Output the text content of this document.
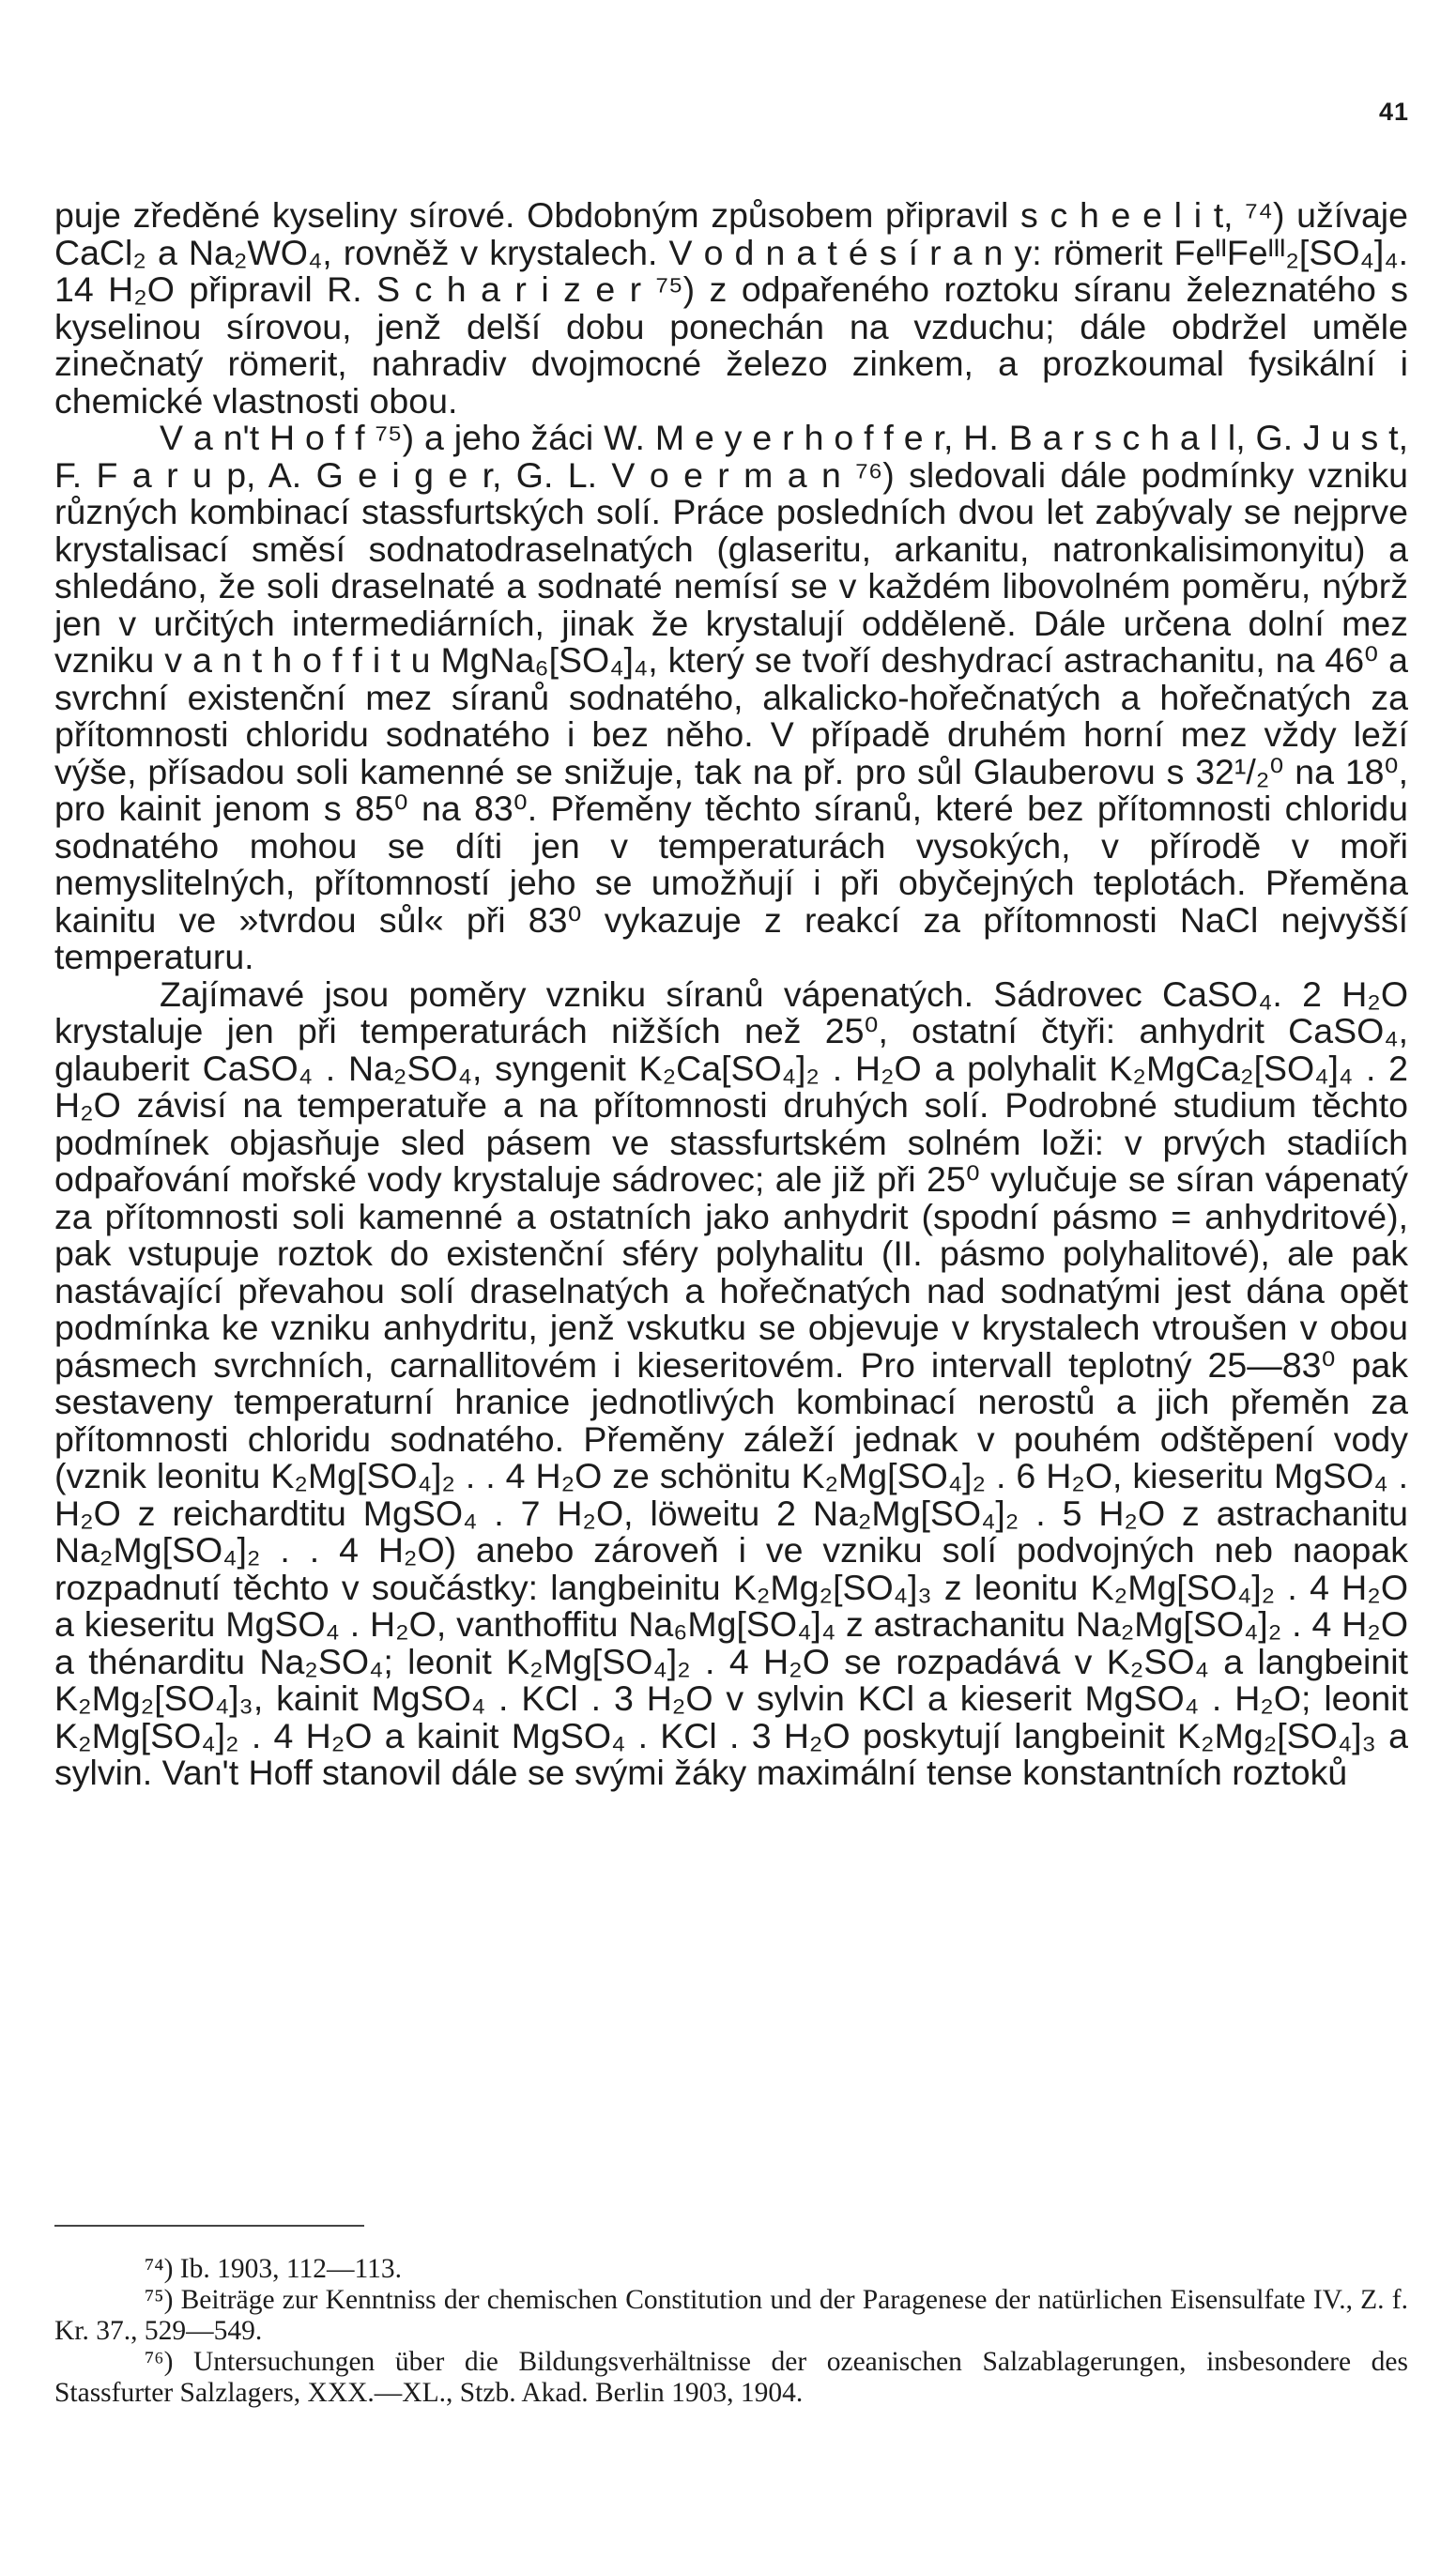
41

puje zředěné kyseliny sírové. Obdobným způsobem připravil s c h e e l i t, ⁷⁴) užívaje CaCl₂ a Na₂WO₄, rovněž v krystalech. V o d n a t é s í r a n y: römerit FeᴵᴵFeᴵᴵᴵ₂[SO₄]₄. 14 H₂O připravil R. S c h a r i z e r ⁷⁵) z odpařeného roztoku síranu železnatého s kyselinou sírovou, jenž delší dobu ponechán na vzduchu; dále obdržel uměle zinečnatý römerit, nahradiv dvojmocné železo zinkem, a prozkoumal fysikální i chemické vlastnosti obou.

V a n't H o f f ⁷⁵) a jeho žáci W. M e y e r h o f f e r, H. B a r s c h a l l, G. J u s t, F. F a r u p, A. G e i g e r, G. L. V o e r m a n ⁷⁶) sledovali dále podmínky vzniku různých kombinací stassfurtských solí. Práce posledních dvou let zabývaly se nejprve krystalisací směsí sodnatodraselnatých (glaseritu, arkanitu, natronkalisimonyitu) a shledáno, že soli draselnaté a sodnaté nemísí se v každém libovolném poměru, nýbrž jen v určitých intermediárních, jinak že krystalují odděleně. Dále určena dolní mez vzniku v a n t h o f f i t u MgNa₆[SO₄]₄, který se tvoří deshydrací astrachanitu, na 46⁰ a svrchní existenční mez síranů sodnatého, alkalicko-hořečnatých a hořečnatých za přítomnosti chloridu sodnatého i bez něho. V případě druhém horní mez vždy leží výše, přísadou soli kamenné se snižuje, tak na př. pro sůl Glauberovu s 32¹/₂⁰ na 18⁰, pro kainit jenom s 85⁰ na 83⁰. Přeměny těchto síranů, které bez přítomnosti chloridu sodnatého mohou se díti jen v temperaturách vysokých, v přírodě v moři nemyslitelných, přítomností jeho se umožňují i při obyčejných teplotách. Přeměna kainitu ve »tvrdou sůl« při 83⁰ vykazuje z reakcí za přítomnosti NaCl nejvyšší temperaturu.

Zajímavé jsou poměry vzniku síranů vápenatých. Sádrovec CaSO₄. 2 H₂O krystaluje jen při temperaturách nižších než 25⁰, ostatní čtyři: anhydrit CaSO₄, glauberit CaSO₄ . Na₂SO₄, syngenit K₂Ca[SO₄]₂ . H₂O a polyhalit K₂MgCa₂[SO₄]₄ . 2 H₂O závisí na temperatuře a na přítomnosti druhých solí. Podrobné studium těchto podmínek objasňuje sled pásem ve stassfurtském solném loži: v prvých stadiích odpařování mořské vody krystaluje sádrovec; ale již při 25⁰ vylučuje se síran vápenatý za přítomnosti soli kamenné a ostatních jako anhydrit (spodní pásmo = anhydritové), pak vstupuje roztok do existenční sféry polyhalitu (II. pásmo polyhalitové), ale pak nastávající převahou solí draselnatých a hořečnatých nad sodnatými jest dána opět podmínka ke vzniku anhydritu, jenž vskutku se objevuje v krystalech vtroušen v obou pásmech svrchních, carnallitovém i kieseritovém. Pro intervall teplotný 25—83⁰ pak sestaveny temperaturní hranice jednotlivých kombinací nerostů a jich přeměn za přítomnosti chloridu sodnatého. Přeměny záleží jednak v pouhém odštěpení vody (vznik leonitu K₂Mg[SO₄]₂ . . 4 H₂O ze schönitu K₂Mg[SO₄]₂ . 6 H₂O, kieseritu MgSO₄ . H₂O z reichardtitu MgSO₄ . 7 H₂O, löweitu 2 Na₂Mg[SO₄]₂ . 5 H₂O z astrachanitu Na₂Mg[SO₄]₂ . . 4 H₂O) anebo zároveň i ve vzniku solí podvojných neb naopak rozpadnutí těchto v součástky: langbeinitu K₂Mg₂[SO₄]₃ z leonitu K₂Mg[SO₄]₂ . 4 H₂O a kieseritu MgSO₄ . H₂O, vanthoffitu Na₆Mg[SO₄]₄ z astrachanitu Na₂Mg[SO₄]₂ . 4 H₂O a thénarditu Na₂SO₄; leonit K₂Mg[SO₄]₂ . 4 H₂O se rozpadává v K₂SO₄ a langbeinit K₂Mg₂[SO₄]₃, kainit MgSO₄ . KCl . 3 H₂O v sylvin KCl a kieserit MgSO₄ . H₂O; leonit K₂Mg[SO₄]₂ . 4 H₂O a kainit MgSO₄ . KCl . 3 H₂O poskytují langbeinit K₂Mg₂[SO₄]₃ a sylvin. Van't Hoff stanovil dále se svými žáky maximální tense konstantních roztoků

⁷⁴) Ib. 1903, 112—113.

⁷⁵) Beiträge zur Kenntniss der chemischen Constitution und der Paragenese der natürlichen Eisensulfate IV., Z. f. Kr. 37., 529—549.

⁷⁶) Untersuchungen über die Bildungsverhältnisse der ozeanischen Salzablagerungen, insbesondere des Stassfurter Salzlagers, XXX.—XL., Stzb. Akad. Berlin 1903, 1904.
